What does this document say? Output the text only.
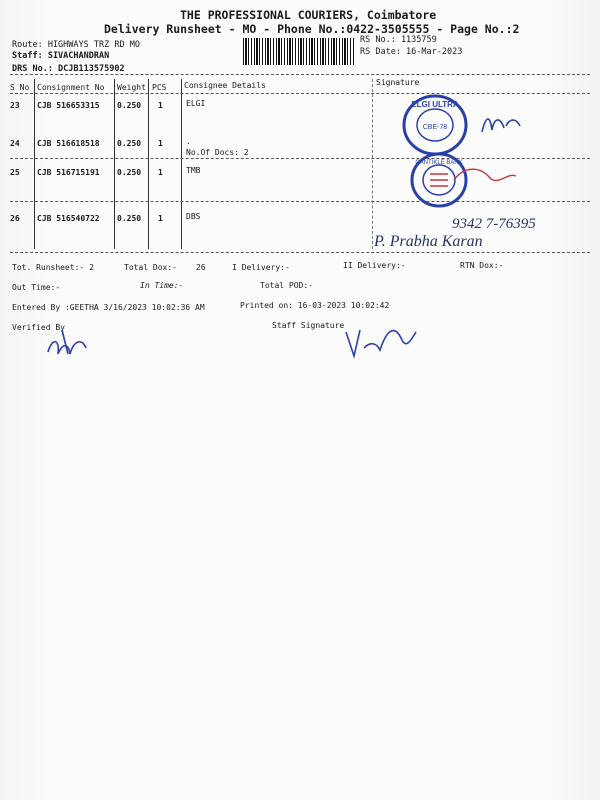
THE PROFESSIONAL COURIERS, Coimbatore
Delivery Runsheet - MO - Phone No.:0422-3505555 - Page No.:2
Route: HIGHWAYS TRZ RD MO
Staff: SIVACHANDRAN
DRS No.: DCJB113575902
RS No.: 1135759
RS Date: 16-Mar-2023
S No Consignment No Weight PCS Consignee Details	Signature
23 CJB 516653315 0.250 1	ELGI
24 CJB 516618518 0.250 1	.
No.Of Docs: 2
25 CJB 516715191 0.250 1	TMB
26 CJB 516540722 0.250 1	DBS
Tot. Runsheet:- 2	Total Dox:- 26	I Delivery:-	II Delivery:-	RTN Dox:-
Out Time:-	In Time:-	Total POD:-
Entered By :GEETHA 3/16/2023 10:02:36 AM	Printed on: 16-03-2023 10:02:42
Verified By	Staff Signature
ELGI ULTRA
CBE-78
CANTIKLE BANK
9342 7-76395
P. Prabha Karan
